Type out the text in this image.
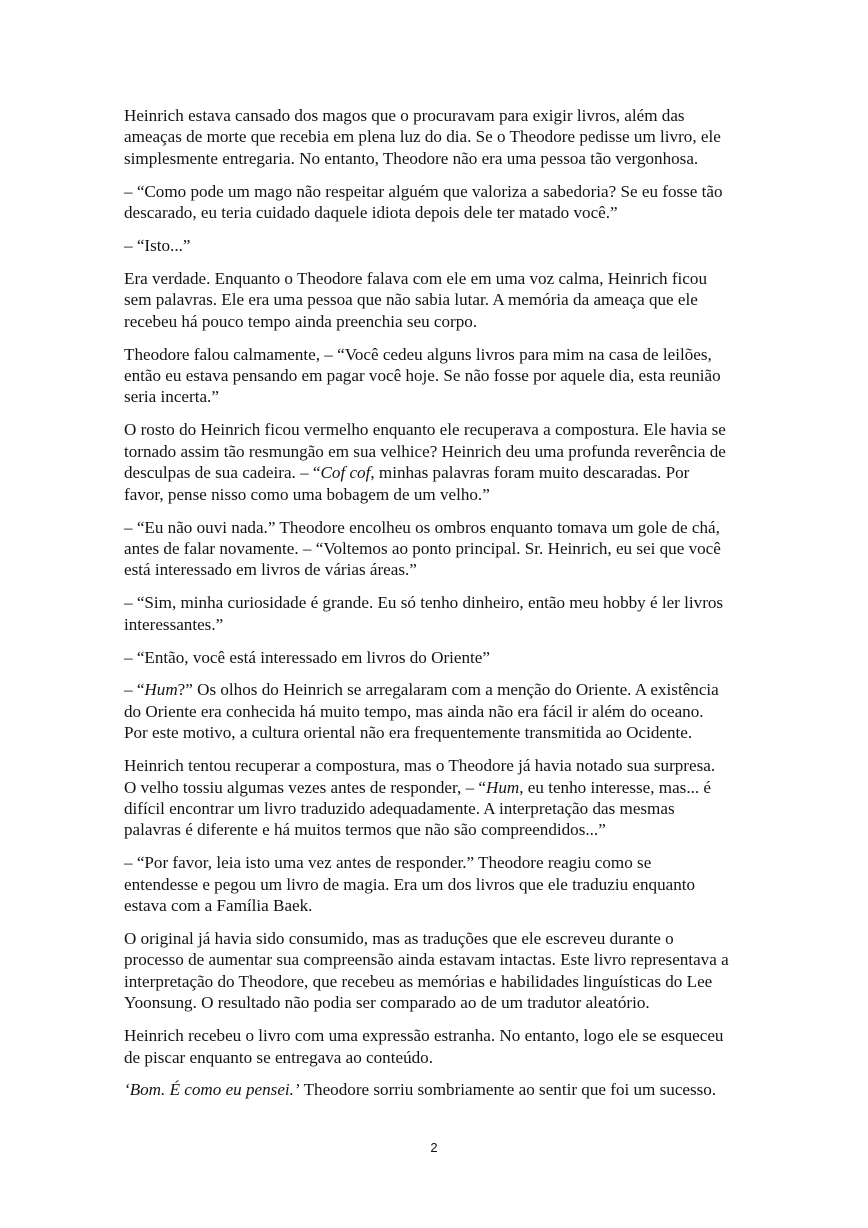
Heinrich estava cansado dos magos que o procuravam para exigir livros, além das
ameaças de morte que recebia em plena luz do dia. Se o Theodore pedisse um livro, ele
simplesmente entregaria. No entanto, Theodore não era uma pessoa tão vergonhosa.

– “Como pode um mago não respeitar alguém que valoriza a sabedoria? Se eu fosse tão
descarado, eu teria cuidado daquele idiota depois dele ter matado você.”

– “Isto...”

Era verdade. Enquanto o Theodore falava com ele em uma voz calma, Heinrich ficou
sem palavras. Ele era uma pessoa que não sabia lutar. A memória da ameaça que ele
recebeu há pouco tempo ainda preenchia seu corpo.

Theodore falou calmamente, – “Você cedeu alguns livros para mim na casa de leilões,
então eu estava pensando em pagar você hoje. Se não fosse por aquele dia, esta reunião
seria incerta.”

O rosto do Heinrich ficou vermelho enquanto ele recuperava a compostura. Ele havia se
tornado assim tão resmungão em sua velhice? Heinrich deu uma profunda reverência de
desculpas de sua cadeira. – “Cof cof, minhas palavras foram muito descaradas. Por
favor, pense nisso como uma bobagem de um velho.”

– “Eu não ouvi nada.” Theodore encolheu os ombros enquanto tomava um gole de chá,
antes de falar novamente. – “Voltemos ao ponto principal. Sr. Heinrich, eu sei que você
está interessado em livros de várias áreas.”

– “Sim, minha curiosidade é grande. Eu só tenho dinheiro, então meu hobby é ler livros
interessantes.”

– “Então, você está interessado em livros do Oriente”

– “Hum?” Os olhos do Heinrich se arregalaram com a menção do Oriente. A existência
do Oriente era conhecida há muito tempo, mas ainda não era fácil ir além do oceano.
Por este motivo, a cultura oriental não era frequentemente transmitida ao Ocidente.

Heinrich tentou recuperar a compostura, mas o Theodore já havia notado sua surpresa.
O velho tossiu algumas vezes antes de responder, – “Hum, eu tenho interesse, mas... é
difícil encontrar um livro traduzido adequadamente. A interpretação das mesmas
palavras é diferente e há muitos termos que não são compreendidos...”

– “Por favor, leia isto uma vez antes de responder.” Theodore reagiu como se
entendesse e pegou um livro de magia. Era um dos livros que ele traduziu enquanto
estava com a Família Baek.

O original já havia sido consumido, mas as traduções que ele escreveu durante o
processo de aumentar sua compreensão ainda estavam intactas. Este livro representava a
interpretação do Theodore, que recebeu as memórias e habilidades linguísticas do Lee
Yoonsung. O resultado não podia ser comparado ao de um tradutor aleatório.

Heinrich recebeu o livro com uma expressão estranha. No entanto, logo ele se esqueceu
de piscar enquanto se entregava ao conteúdo.

‘Bom. É como eu pensei.’ Theodore sorriu sombriamente ao sentir que foi um sucesso.

2
